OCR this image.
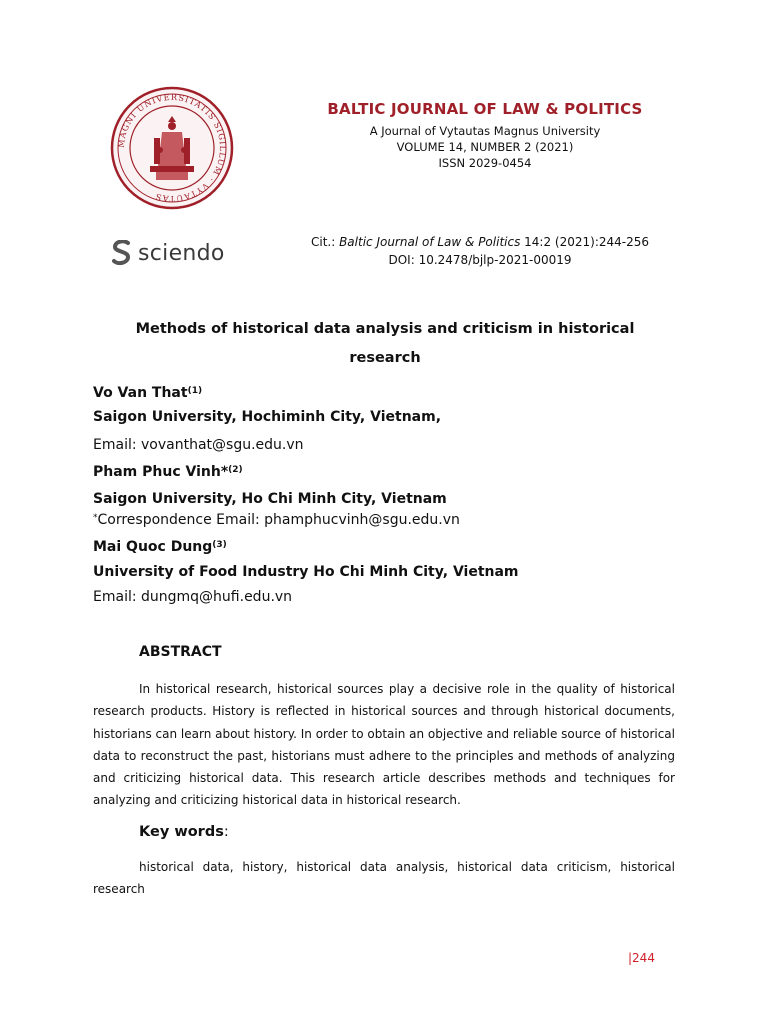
MAGNI UNIVERSITATIS SIGILLUM · VYTAUTAS
BALTIC JOURNAL OF LAW & POLITICS
A Journal of Vytautas Magnus University
VOLUME 14, NUMBER 2 (2021)
ISSN 2029-0454
sciendo	Cit.: Baltic Journal of Law & Politics 14:2 (2021):244-256
DOI: 10.2478/bjlp-2021-00019
Methods of historical data analysis and criticism in historical
research
Vo Van That$^{(1)}$
Saigon University, Hochiminh City, Vietnam,
Email: vovanthat@sgu.edu.vn
Pham Phuc Vinh*$^{(2)}$
Saigon University, Ho Chi Minh City, Vietnam
*Correspondence Email: phamphucvinh@sgu.edu.vn
Mai Quoc Dung$^{(3)}$
University of Food Industry Ho Chi Minh City, Vietnam
Email: dungmq@hufi.edu.vn
ABSTRACT
In historical research, historical sources play a decisive role in the quality of historical research products. History is reflected in historical sources and through historical documents, historians can learn about history. In order to obtain an objective and reliable source of historical data to reconstruct the past, historians must adhere to the principles and methods of analyzing and criticizing historical data. This research article describes methods and techniques for analyzing and criticizing historical data in historical research.
Key words:
historical data, history, historical data analysis, historical data criticism, historical research
|244
